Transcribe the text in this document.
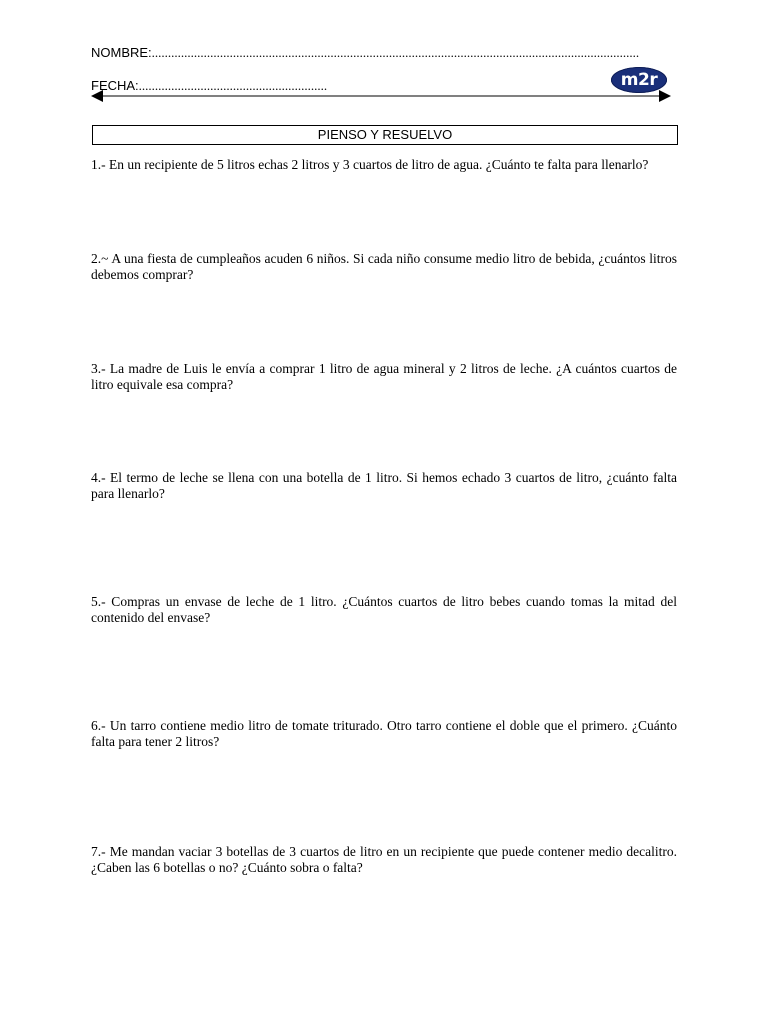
NOMBRE:......................................................................................................................................................
FECHA:..........................................................	m2r
PIENSO Y RESUELVO
1.- En un recipiente de 5 litros echas 2 litros y 3 cuartos de litro de agua. ¿Cuánto te falta para llenarlo?
2.~ A una fiesta de cumpleaños acuden 6 niños. Si cada niño consume medio litro de bebida, ¿cuántos litros debemos comprar?
3.- La madre de Luis le envía a comprar 1 litro de agua mineral y 2 litros de leche. ¿A cuántos cuartos de litro equivale esa compra?
4.- El termo de leche se llena con una botella de 1 litro. Si hemos echado 3 cuartos de litro, ¿cuánto falta para llenarlo?
5.- Compras un envase de leche de 1 litro. ¿Cuántos cuartos de litro bebes cuando tomas la mitad del contenido del envase?
6.- Un tarro contiene medio litro de tomate triturado. Otro tarro contiene el doble que el primero. ¿Cuánto falta para tener 2 litros?
7.- Me mandan vaciar 3 botellas de 3 cuartos de litro en un recipiente que puede contener medio decalitro. ¿Caben las 6 botellas o no? ¿Cuánto sobra o falta?
